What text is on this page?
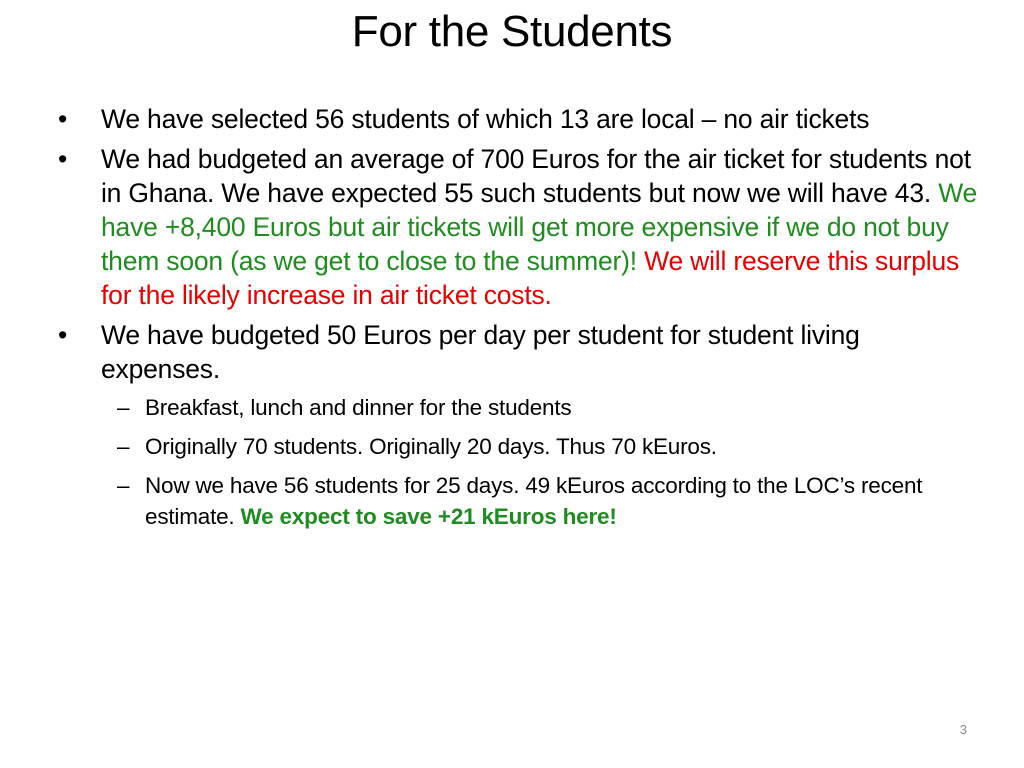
For the Students
•	We have selected 56 students of which 13 are local – no air tickets
•	We had budgeted an average of 700 Euros for the air ticket for students not in Ghana. We have expected 55 such students but now we will have 43. We have +8,400 Euros but air tickets will get more expensive if we do not buy them soon (as we get to close to the summer)! We will reserve this surplus for the likely increase in air ticket costs.
•	We have budgeted 50 Euros per day per student for student living expenses.
– Breakfast, lunch and dinner for the students
– Originally 70 students. Originally 20 days. Thus 70 kEuros.
– Now we have 56 students for 25 days. 49 kEuros according to the LOC’s recent estimate. We expect to save +21 kEuros here!
3
